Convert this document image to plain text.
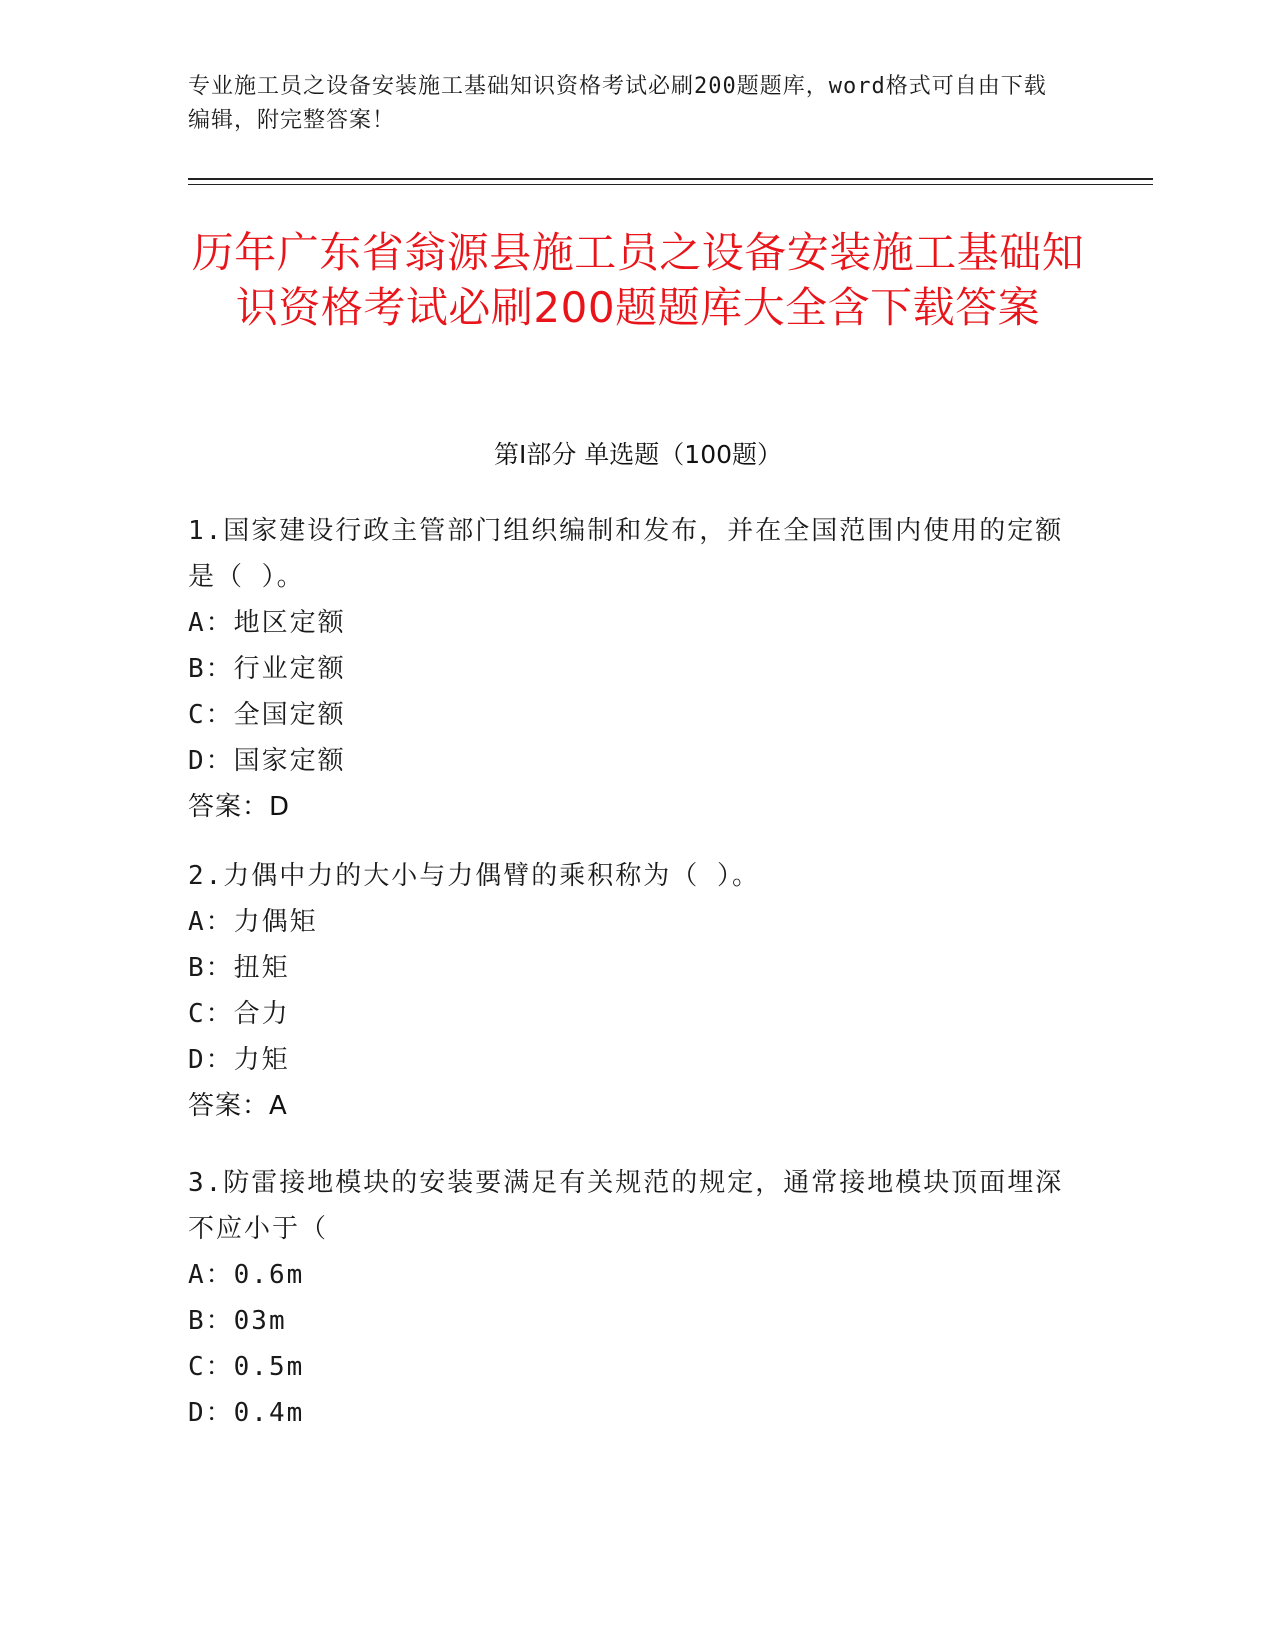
专业施工员之设备安装施工基础知识资格考试必刷200题题库，word格式可自由下载编辑，附完整答案！
历年广东省翁源县施工员之设备安装施工基础知识资格考试必刷200题题库大全含下载答案
第Ⅰ部分 单选题（100题）
1.国家建设行政主管部门组织编制和发布，并在全国范围内使用的定额是（ ）。
A：地区定额
B：行业定额
C：全国定额
D：国家定额
答案：D
2.力偶中力的大小与力偶臂的乘积称为（ ）。
A：力偶矩
B：扭矩
C：合力
D：力矩
答案：A
3.防雷接地模块的安装要满足有关规范的规定，通常接地模块顶面埋深不应小于（
A：0.6m
B：03m
C：0.5m
D：0.4m
